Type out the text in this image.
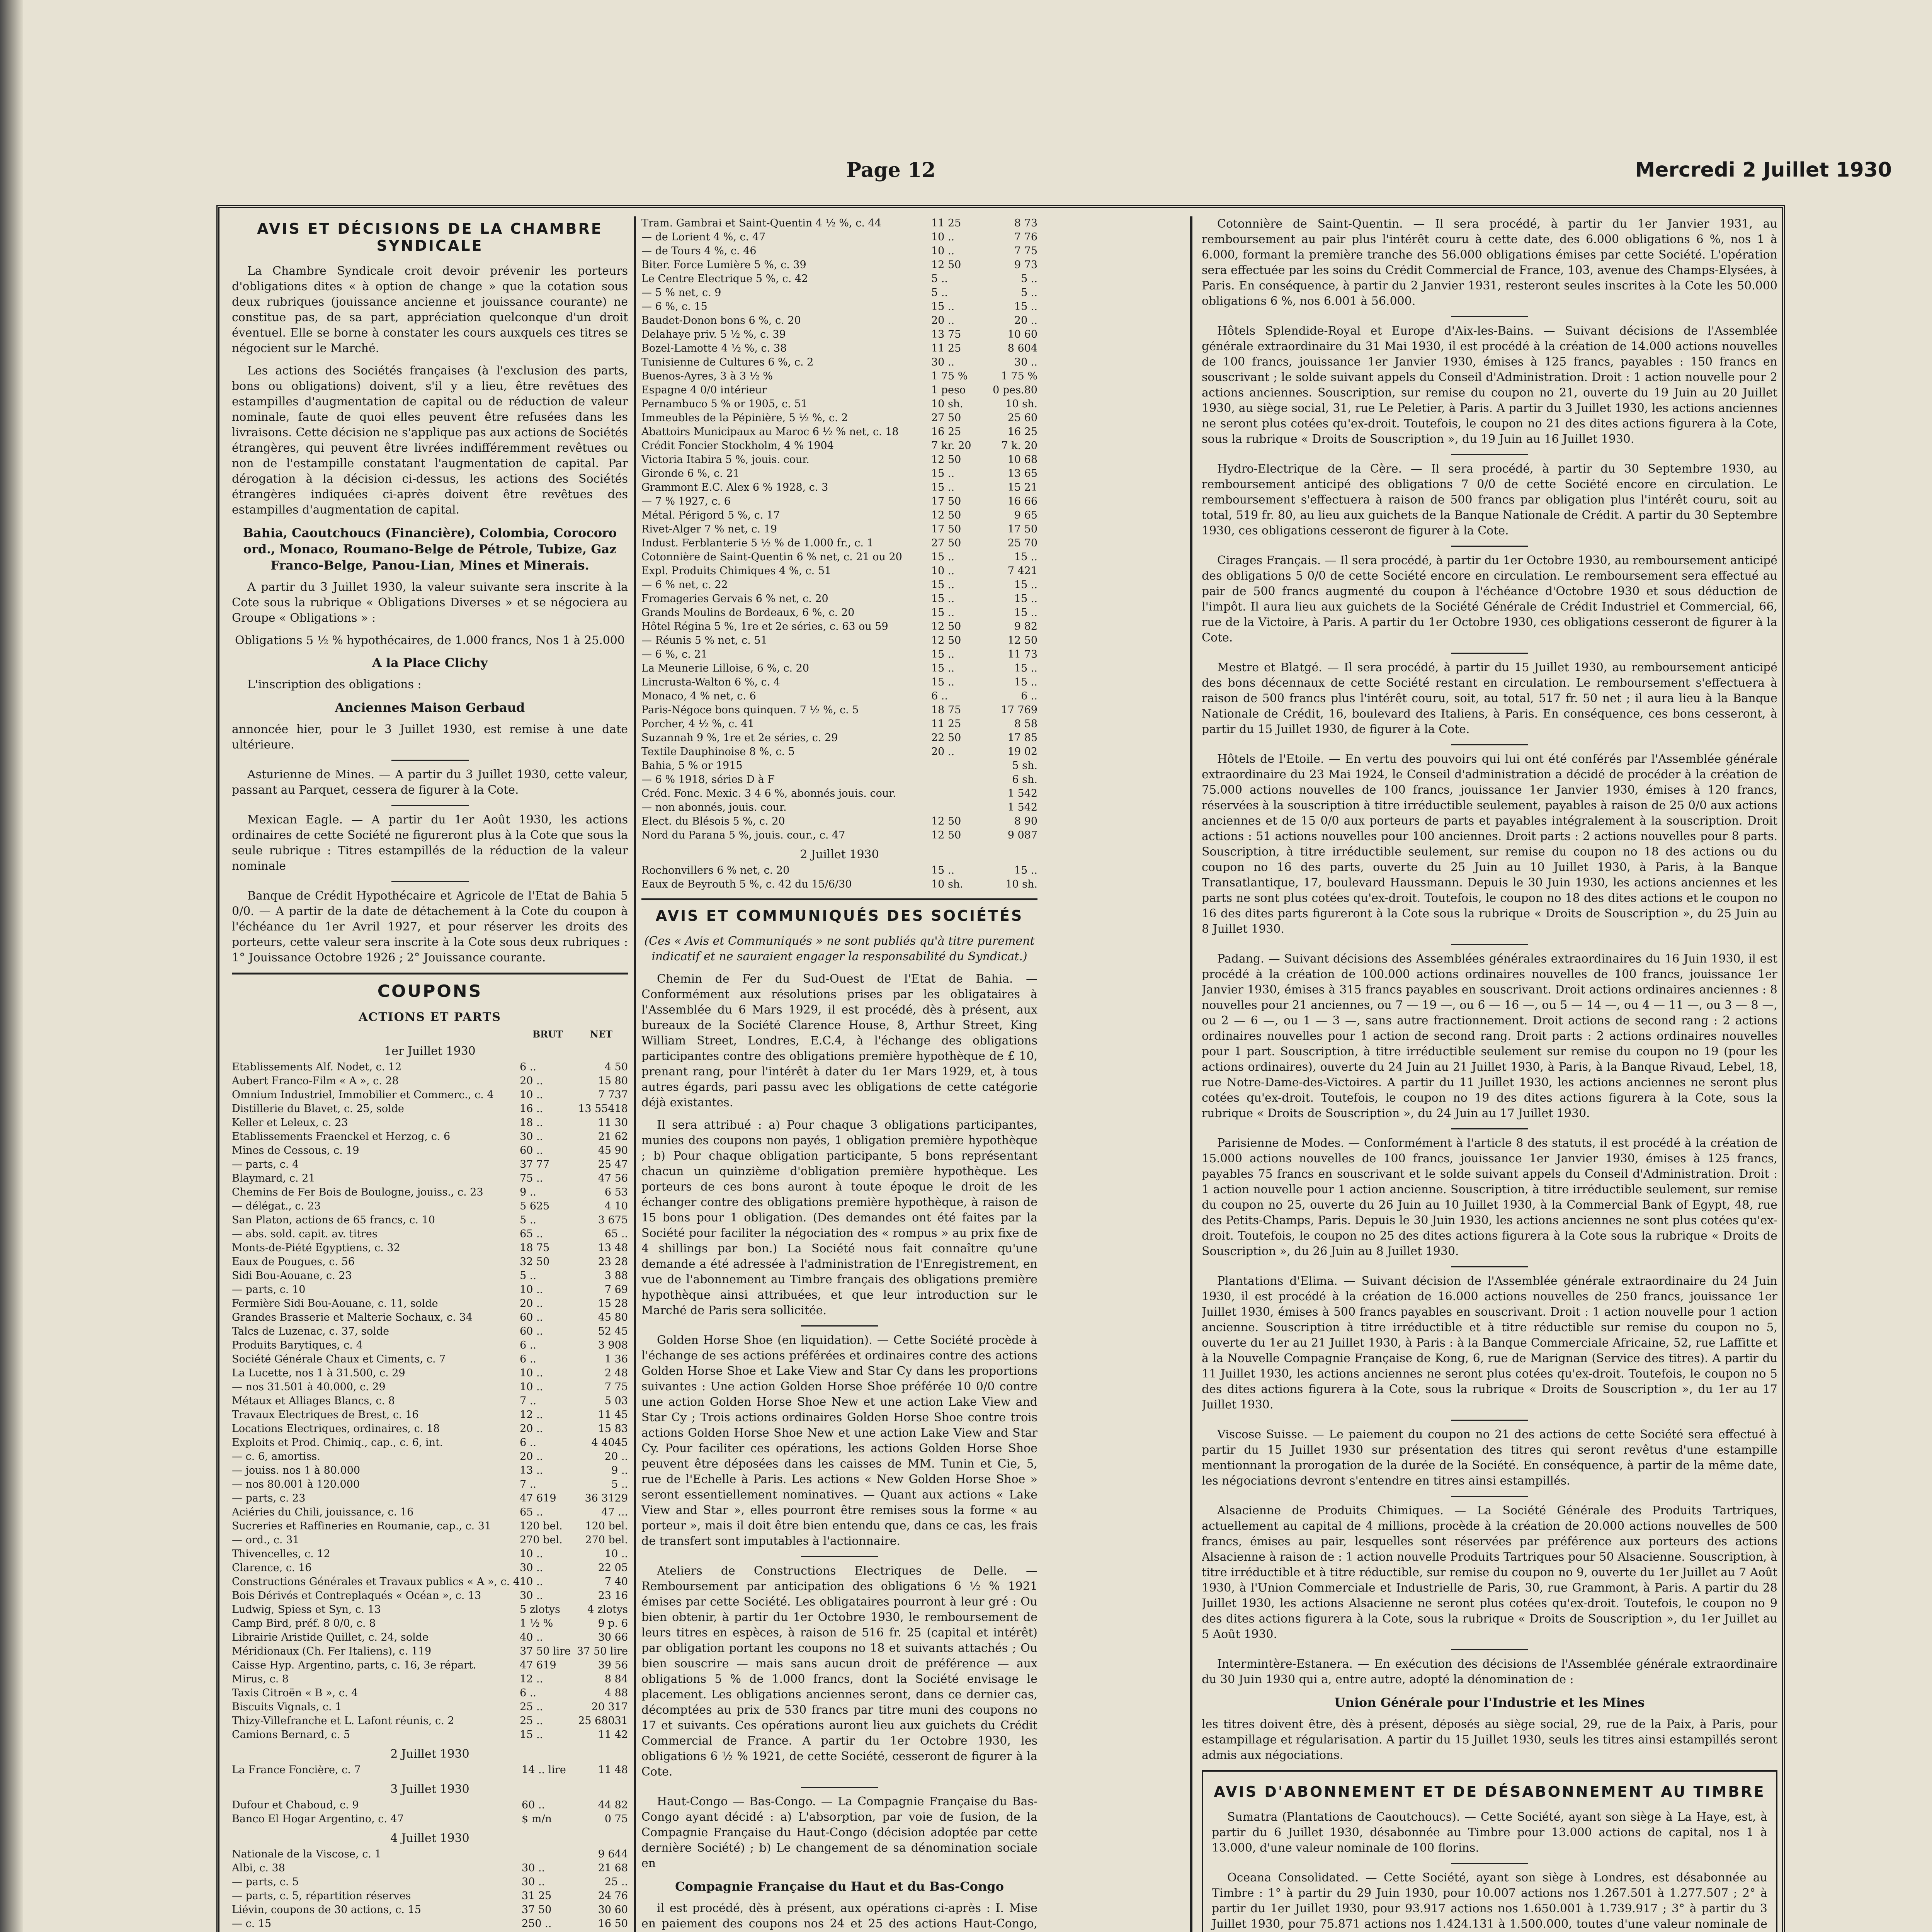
Page 12	Mercredi 2 Juillet 1930
AVIS ET DÉCISIONS DE LA CHAMBRE SYNDICALE

La Chambre Syndicale croit devoir prévenir les porteurs d'obligations dites « à option de change » que la cotation sous deux rubriques (jouissance ancienne et jouissance courante) ne constitue pas, de sa part, appréciation quelconque d'un droit éventuel. Elle se borne à constater les cours auxquels ces titres se négocient sur le Marché.

Les actions des Sociétés françaises (à l'exclusion des parts, bons ou obligations) doivent, s'il y a lieu, être revêtues des estampilles d'augmentation de capital ou de réduction de valeur nominale, faute de quoi elles peuvent être refusées dans les livraisons. Cette décision ne s'applique pas aux actions de Sociétés étrangères, qui peuvent être livrées indifféremment revêtues ou non de l'estampille constatant l'augmentation de capital. Par dérogation à la décision ci-dessus, les actions des Sociétés étrangères indiquées ci-après doivent être revêtues des estampilles d'augmentation de capital.

Bahia, Caoutchoucs (Financière), Colombia, Corocoro ord., Monaco, Roumano-Belge de Pétrole, Tubize, Gaz Franco-Belge, Panou-Lian, Mines et Minerais.

A partir du 3 Juillet 1930, la valeur suivante sera inscrite à la Cote sous la rubrique « Obligations Diverses » et se négociera au Groupe « Obligations » :

Obligations 5 ½ % hypothécaires, de 1.000 francs, Nos 1 à 25.000

A la Place Clichy

L'inscription des obligations :

Anciennes Maison Gerbaud

annoncée hier, pour le 3 Juillet 1930, est remise à une date ultérieure.

Asturienne de Mines. — A partir du 3 Juillet 1930, cette valeur, passant au Parquet, cessera de figurer à la Cote.

Mexican Eagle. — A partir du 1er Août 1930, les actions ordinaires de cette Société ne figureront plus à la Cote que sous la seule rubrique : Titres estampillés de la réduction de la valeur nominale

Banque de Crédit Hypothécaire et Agricole de l'Etat de Bahia 5 0/0. — A partir de la date de détachement à la Cote du coupon à l'échéance du 1er Avril 1927, et pour réserver les droits des porteurs, cette valeur sera inscrite à la Cote sous deux rubriques : 1° Jouissance Octobre 1926 ; 2° Jouissance courante.

COUPONS
ACTIONS ET PARTS
BRUT	NET
1er Juillet 1930
Etablissements Alf. Nodet, c. 12	6 ..	4 50
Aubert Franco-Film « A », c. 28	20 ..	15 80
Omnium Industriel, Immobilier et Commerc., c. 4	10 ..	7 737
Distillerie du Blavet, c. 25, solde	16 ..	13 55418
Keller et Leleux, c. 23	18 ..	11 30
Etablissements Fraenckel et Herzog, c. 6	30 ..	21 62
Mines de Cessous, c. 19	60 ..	45 90
— parts, c. 4	37 77	25 47
Blaymard, c. 21	75 ..	47 56
Chemins de Fer Bois de Boulogne, jouiss., c. 23	9 ..	6 53
— délégat., c. 23	5 625	4 10
San Platon, actions de 65 francs, c. 10	5 ..	3 675
— abs. sold. capit. av. titres	65 ..	65 ..
Monts-de-Piété Egyptiens, c. 32	18 75	13 48
Eaux de Pougues, c. 56	32 50	23 28
Sidi Bou-Aouane, c. 23	5 ..	3 88
— parts, c. 10	10 ..	7 69
Fermière Sidi Bou-Aouane, c. 11, solde	20 ..	15 28
Grandes Brasserie et Malterie Sochaux, c. 34	60 ..	45 80
Talcs de Luzenac, c. 37, solde	60 ..	52 45
Produits Barytiques, c. 4	6 ..	3 908
Société Générale Chaux et Ciments, c. 7	6 ..	1 36
La Lucette, nos 1 à 31.500, c. 29	10 ..	2 48
— nos 31.501 à 40.000, c. 29	10 ..	7 75
Métaux et Alliages Blancs, c. 8	7 ..	5 03
Travaux Electriques de Brest, c. 16	12 ..	11 45
Locations Electriques, ordinaires, c. 18	20 ..	15 83
Exploits et Prod. Chimiq., cap., c. 6, int.	6 ..	4 4045
— c. 6, amortiss.	20 ..	20 ..
— jouiss. nos 1 à 80.000	13 ..	9 ..
— nos 80.001 à 120.000	7 ..	5 ..
— parts, c. 23	47 619	36 3129
Aciéries du Chili, jouissance, c. 16	65 ..	47 ...
Sucreries et Raffineries en Roumanie, cap., c. 31	120 bel.	120 bel.
— ord., c. 31	270 bel.	270 bel.
Thivencelles, c. 12	10 ..	10 ..
Clarence, c. 16	30 ..	22 05
Constructions Générales et Travaux publics « A », c. 4	10 ..	7 40
Bois Dérivés et Contreplaqués « Océan », c. 13	30 ..	23 16
Ludwig, Spiess et Syn, c. 13	5 zlotys	4 zlotys
Camp Bird, préf. 8 0/0, c. 8	1 ½ %	9 p. 6
Librairie Aristide Quillet, c. 24, solde	40 ..	30 66
Méridionaux (Ch. Fer Italiens), c. 119	37 50 lire	37 50 lire
Caisse Hyp. Argentino, parts, c. 16, 3e répart.	47 619	39 56
Mirus, c. 8	12 ..	8 84
Taxis Citroën « B », c. 4	6 ..	4 88
Biscuits Vignals, c. 1	25 ..	20 317
Thizy-Villefranche et L. Lafont réunis, c. 2	25 ..	25 68031
Camions Bernard, c. 5	15 ..	11 42
2 Juillet 1930
La France Foncière, c. 7	14 .. lire	11 48
3 Juillet 1930
Dufour et Chaboud, c. 9	60 ..	44 82
Banco El Hogar Argentino, c. 47	$ m/n	0 75
4 Juillet 1930
Nationale de la Viscose, c. 1		9 644
Albi, c. 38	30 ..	21 68
— parts, c. 5	30 ..	25 ..
— parts, c. 5, répartition réserves	31 25	24 76
Liévin, coupons de 30 actions, c. 15	37 50	30 60
— c. 15	250 ..	16 50

Tram. Gambrai et Saint-Quentin 4 ½ %, c. 44	11 25	8 73
— de Lorient 4 %, c. 47	10 ..	7 76
— de Tours 4 %, c. 46	10 ..	7 75
Biter. Force Lumière 5 %, c. 39	12 50	9 73
Le Centre Electrique 5 %, c. 42	5 ..	5 ..
— 5 % net, c. 9	5 ..	5 ..
— 6 %, c. 15	15 ..	15 ..
Baudet-Donon bons 6 %, c. 20	20 ..	20 ..
Delahaye priv. 5 ½ %, c. 39	13 75	10 60
Bozel-Lamotte 4 ½ %, c. 38	11 25	8 604
Tunisienne de Cultures 6 %, c. 2	30 ..	30 ..
Buenos-Ayres, 3 à 3 ½ %	1 75 %	1 75 %
Espagne 4 0/0 intérieur	1 peso	0 pes.80
Pernambuco 5 % or 1905, c. 51	10 sh.	10 sh.
Immeubles de la Pépinière, 5 ½ %, c. 2	27 50	25 60
Abattoirs Municipaux au Maroc 6 ½ % net, c. 18	16 25	16 25
Crédit Foncier Stockholm, 4 % 1904	7 kr. 20	7 k. 20
Victoria Itabira 5 %, jouis. cour.	12 50	10 68
Gironde 6 %, c. 21	15 ..	13 65
Grammont E.C. Alex 6 % 1928, c. 3	15 ..	15 21
— 7 % 1927, c. 6	17 50	16 66
Métal. Périgord 5 %, c. 17	12 50	9 65
Rivet-Alger 7 % net, c. 19	17 50	17 50
Indust. Ferblanterie 5 ½ % de 1.000 fr., c. 1	27 50	25 70
Cotonnière de Saint-Quentin 6 % net, c. 21 ou 20	15 ..	15 ..
Expl. Produits Chimiques 4 %, c. 51	10 ..	7 421
— 6 % net, c. 22	15 ..	15 ..
Fromageries Gervais 6 % net, c. 20	15 ..	15 ..
Grands Moulins de Bordeaux, 6 %, c. 20	15 ..	15 ..
Hôtel Régina 5 %, 1re et 2e séries, c. 63 ou 59	12 50	9 82
— Réunis 5 % net, c. 51	12 50	12 50
— 6 %, c. 21	15 ..	11 73
La Meunerie Lilloise, 6 %, c. 20	15 ..	15 ..
Lincrusta-Walton 6 %, c. 4	15 ..	15 ..
Monaco, 4 % net, c. 6	6 ..	6 ..
Paris-Négoce bons quinquen. 7 ½ %, c. 5	18 75	17 769
Porcher, 4 ½ %, c. 41	11 25	8 58
Suzannah 9 %, 1re et 2e séries, c. 29	22 50	17 85
Textile Dauphinoise 8 %, c. 5	20 ..	19 02
Bahia, 5 % or 1915		5 sh.
— 6 % 1918, séries D à F		6 sh.
Créd. Fonc. Mexic. 3 4 6 %, abonnés jouis. cour.		1 542
— non abonnés, jouis. cour.		1 542
Elect. du Blésois 5 %, c. 20	12 50	8 90
Nord du Parana 5 %, jouis. cour., c. 47	12 50	9 087
2 Juillet 1930
Rochonvillers 6 % net, c. 20	15 ..	15 ..
Eaux de Beyrouth 5 %, c. 42 du 15/6/30	10 sh.	10 sh.
AVIS ET COMMUNIQUÉS DES SOCIÉTÉS

(Ces « Avis et Communiqués » ne sont publiés qu'à titre purement indicatif et ne sauraient engager la responsabilité du Syndicat.)

Chemin de Fer du Sud-Ouest de l'Etat de Bahia. — Conformément aux résolutions prises par les obligataires à l'Assemblée du 6 Mars 1929, il est procédé, dès à présent, aux bureaux de la Société Clarence House, 8, Arthur Street, King William Street, Londres, E.C.4, à l'échange des obligations participantes contre des obligations première hypothèque de £ 10, prenant rang, pour l'intérêt à dater du 1er Mars 1929, et, à tous autres égards, pari passu avec les obligations de cette catégorie déjà existantes.

Il sera attribué : a) Pour chaque 3 obligations participantes, munies des coupons non payés, 1 obligation première hypothèque ; b) Pour chaque obligation participante, 5 bons représentant chacun un quinzième d'obligation première hypothèque. Les porteurs de ces bons auront à toute époque le droit de les échanger contre des obligations première hypothèque, à raison de 15 bons pour 1 obligation. (Des demandes ont été faites par la Société pour faciliter la négociation des « rompus » au prix fixe de 4 shillings par bon.) La Société nous fait connaître qu'une demande a été adressée à l'administration de l'Enregistrement, en vue de l'abonnement au Timbre français des obligations première hypothèque ainsi attribuées, et que leur introduction sur le Marché de Paris sera sollicitée.

Golden Horse Shoe (en liquidation). — Cette Société procède à l'échange de ses actions préférées et ordinaires contre des actions Golden Horse Shoe et Lake View and Star Cy dans les proportions suivantes : Une action Golden Horse Shoe préférée 10 0/0 contre une action Golden Horse Shoe New et une action Lake View and Star Cy ; Trois actions ordinaires Golden Horse Shoe contre trois actions Golden Horse Shoe New et une action Lake View and Star Cy. Pour faciliter ces opérations, les actions Golden Horse Shoe peuvent être déposées dans les caisses de MM. Tunin et Cie, 5, rue de l'Echelle à Paris. Les actions « New Golden Horse Shoe » seront essentiellement nominatives. — Quant aux actions « Lake View and Star », elles pourront être remises sous la forme « au porteur », mais il doit être bien entendu que, dans ce cas, les frais de transfert sont imputables à l'actionnaire.

Ateliers de Constructions Electriques de Delle. — Remboursement par anticipation des obligations 6 ½ % 1921 émises par cette Société. Les obligataires pourront à leur gré : Ou bien obtenir, à partir du 1er Octobre 1930, le remboursement de leurs titres en espèces, à raison de 516 fr. 25 (capital et intérêt) par obligation portant les coupons no 18 et suivants attachés ; Ou bien souscrire — mais sans aucun droit de préférence — aux obligations 5 % de 1.000 francs, dont la Société envisage le placement. Les obligations anciennes seront, dans ce dernier cas, décomptées au prix de 530 francs par titre muni des coupons no 17 et suivants. Ces opérations auront lieu aux guichets du Crédit Commercial de France. A partir du 1er Octobre 1930, les obligations 6 ½ % 1921, de cette Société, cesseront de figurer à la Cote.

Haut-Congo — Bas-Congo. — La Compagnie Française du Bas-Congo ayant décidé : a) L'absorption, par voie de fusion, de la Compagnie Française du Haut-Congo (décision adoptée par cette dernière Société) ; b) Le changement de sa dénomination sociale en

Compagnie Française du Haut et du Bas-Congo

il est procédé, dès à présent, aux opérations ci-après : I. Mise en paiement des coupons nos 24 et 25 des actions Haut-Congo,

Cotonnière de Saint-Quentin. — Il sera procédé, à partir du 1er Janvier 1931, au remboursement au pair plus l'intérêt couru à cette date, des 6.000 obligations 6 %, nos 1 à 6.000, formant la première tranche des 56.000 obligations émises par cette Société. L'opération sera effectuée par les soins du Crédit Commercial de France, 103, avenue des Champs-Elysées, à Paris. En conséquence, à partir du 2 Janvier 1931, resteront seules inscrites à la Cote les 50.000 obligations 6 %, nos 6.001 à 56.000.

Hôtels Splendide-Royal et Europe d'Aix-les-Bains. — Suivant décisions de l'Assemblée générale extraordinaire du 31 Mai 1930, il est procédé à la création de 14.000 actions nouvelles de 100 francs, jouissance 1er Janvier 1930, émises à 125 francs, payables : 150 francs en souscrivant ; le solde suivant appels du Conseil d'Administration. Droit : 1 action nouvelle pour 2 actions anciennes. Souscription, sur remise du coupon no 21, ouverte du 19 Juin au 20 Juillet 1930, au siège social, 31, rue Le Peletier, à Paris. A partir du 3 Juillet 1930, les actions anciennes ne seront plus cotées qu'ex-droit. Toutefois, le coupon no 21 des dites actions figurera à la Cote, sous la rubrique « Droits de Souscription », du 19 Juin au 16 Juillet 1930.

Hydro-Electrique de la Cère. — Il sera procédé, à partir du 30 Septembre 1930, au remboursement anticipé des obligations 7 0/0 de cette Société encore en circulation. Le remboursement s'effectuera à raison de 500 francs par obligation plus l'intérêt couru, soit au total, 519 fr. 80, au lieu aux guichets de la Banque Nationale de Crédit. A partir du 30 Septembre 1930, ces obligations cesseront de figurer à la Cote.

Cirages Français. — Il sera procédé, à partir du 1er Octobre 1930, au remboursement anticipé des obligations 5 0/0 de cette Société encore en circulation. Le remboursement sera effectué au pair de 500 francs augmenté du coupon à l'échéance d'Octobre 1930 et sous déduction de l'impôt. Il aura lieu aux guichets de la Société Générale de Crédit Industriel et Commercial, 66, rue de la Victoire, à Paris. A partir du 1er Octobre 1930, ces obligations cesseront de figurer à la Cote.

Mestre et Blatgé. — Il sera procédé, à partir du 15 Juillet 1930, au remboursement anticipé des bons décennaux de cette Société restant en circulation. Le remboursement s'effectuera à raison de 500 francs plus l'intérêt couru, soit, au total, 517 fr. 50 net ; il aura lieu à la Banque Nationale de Crédit, 16, boulevard des Italiens, à Paris. En conséquence, ces bons cesseront, à partir du 15 Juillet 1930, de figurer à la Cote.

Hôtels de l'Etoile. — En vertu des pouvoirs qui lui ont été conférés par l'Assemblée générale extraordinaire du 23 Mai 1924, le Conseil d'administration a décidé de procéder à la création de 75.000 actions nouvelles de 100 francs, jouissance 1er Janvier 1930, émises à 120 francs, réservées à la souscription à titre irréductible seulement, payables à raison de 25 0/0 aux actions anciennes et de 15 0/0 aux porteurs de parts et payables intégralement à la souscription. Droit actions : 51 actions nouvelles pour 100 anciennes. Droit parts : 2 actions nouvelles pour 8 parts. Souscription, à titre irréductible seulement, sur remise du coupon no 18 des actions ou du coupon no 16 des parts, ouverte du 25 Juin au 10 Juillet 1930, à Paris, à la Banque Transatlantique, 17, boulevard Haussmann. Depuis le 30 Juin 1930, les actions anciennes et les parts ne sont plus cotées qu'ex-droit. Toutefois, le coupon no 18 des dites actions et le coupon no 16 des dites parts figureront à la Cote sous la rubrique « Droits de Souscription », du 25 Juin au 8 Juillet 1930.

Padang. — Suivant décisions des Assemblées générales extraordinaires du 16 Juin 1930, il est procédé à la création de 100.000 actions ordinaires nouvelles de 100 francs, jouissance 1er Janvier 1930, émises à 315 francs payables en souscrivant. Droit actions ordinaires anciennes : 8 nouvelles pour 21 anciennes, ou 7 — 19 —, ou 6 — 16 —, ou 5 — 14 —, ou 4 — 11 —, ou 3 — 8 —, ou 2 — 6 —, ou 1 — 3 —, sans autre fractionnement. Droit actions de second rang : 2 actions ordinaires nouvelles pour 1 action de second rang. Droit parts : 2 actions ordinaires nouvelles pour 1 part. Souscription, à titre irréductible seulement sur remise du coupon no 19 (pour les actions ordinaires), ouverte du 24 Juin au 21 Juillet 1930, à Paris, à la Banque Rivaud, Lebel, 18, rue Notre-Dame-des-Victoires. A partir du 11 Juillet 1930, les actions anciennes ne seront plus cotées qu'ex-droit. Toutefois, le coupon no 19 des dites actions figurera à la Cote, sous la rubrique « Droits de Souscription », du 24 Juin au 17 Juillet 1930.

Parisienne de Modes. — Conformément à l'article 8 des statuts, il est procédé à la création de 15.000 actions nouvelles de 100 francs, jouissance 1er Janvier 1930, émises à 125 francs, payables 75 francs en souscrivant et le solde suivant appels du Conseil d'Administration. Droit : 1 action nouvelle pour 1 action ancienne. Souscription, à titre irréductible seulement, sur remise du coupon no 25, ouverte du 26 Juin au 10 Juillet 1930, à la Commercial Bank of Egypt, 48, rue des Petits-Champs, Paris. Depuis le 30 Juin 1930, les actions anciennes ne sont plus cotées qu'ex-droit. Toutefois, le coupon no 25 des dites actions figurera à la Cote sous la rubrique « Droits de Souscription », du 26 Juin au 8 Juillet 1930.

Plantations d'Elima. — Suivant décision de l'Assemblée générale extraordinaire du 24 Juin 1930, il est procédé à la création de 16.000 actions nouvelles de 250 francs, jouissance 1er Juillet 1930, émises à 500 francs payables en souscrivant. Droit : 1 action nouvelle pour 1 action ancienne. Souscription à titre irréductible et à titre réductible sur remise du coupon no 5, ouverte du 1er au 21 Juillet 1930, à Paris : à la Banque Commerciale Africaine, 52, rue Laffitte et à la Nouvelle Compagnie Française de Kong, 6, rue de Marignan (Service des titres). A partir du 11 Juillet 1930, les actions anciennes ne seront plus cotées qu'ex-droit. Toutefois, le coupon no 5 des dites actions figurera à la Cote, sous la rubrique « Droits de Souscription », du 1er au 17 Juillet 1930.

Viscose Suisse. — Le paiement du coupon no 21 des actions de cette Société sera effectué à partir du 15 Juillet 1930 sur présentation des titres qui seront revêtus d'une estampille mentionnant la prorogation de la durée de la Société. En conséquence, à partir de la même date, les négociations devront s'entendre en titres ainsi estampillés.

Alsacienne de Produits Chimiques. — La Société Générale des Produits Tartriques, actuellement au capital de 4 millions, procède à la création de 20.000 actions nouvelles de 500 francs, émises au pair, lesquelles sont réservées par préférence aux porteurs des actions Alsacienne à raison de : 1 action nouvelle Produits Tartriques pour 50 Alsacienne. Souscription, à titre irréductible et à titre réductible, sur remise du coupon no 9, ouverte du 1er Juillet au 7 Août 1930, à l'Union Commerciale et Industrielle de Paris, 30, rue Grammont, à Paris. A partir du 28 Juillet 1930, les actions Alsacienne ne seront plus cotées qu'ex-droit. Toutefois, le coupon no 9 des dites actions figurera à la Cote, sous la rubrique « Droits de Souscription », du 1er Juillet au 5 Août 1930.

Intermintère-Estanera. — En exécution des décisions de l'Assemblée générale extraordinaire du 30 Juin 1930 qui a, entre autre, adopté la dénomination de :

Union Générale pour l'Industrie et les Mines

les titres doivent être, dès à présent, déposés au siège social, 29, rue de la Paix, à Paris, pour estampillage et régularisation. A partir du 15 Juillet 1930, seuls les titres ainsi estampillés seront admis aux négociations.

AVIS D'ABONNEMENT ET DE DÉSABONNEMENT AU TIMBRE

Sumatra (Plantations de Caoutchoucs). — Cette Société, ayant son siège à La Haye, est, à partir du 6 Juillet 1930, désabonnée au Timbre pour 13.000 actions de capital, nos 1 à 13.000, d'une valeur nominale de 100 florins.

Oceana Consolidated. — Cette Société, ayant son siège à Londres, est désabonnée au Timbre : 1° à partir du 29 Juin 1930, pour 10.007 actions nos 1.267.501 à 1.277.507 ; 2° à partir du 1er Juillet 1930, pour 93.917 actions nos 1.650.001 à 1.739.917 ; 3° à partir du 3 Juillet 1930, pour 75.871 actions nos 1.424.131 à 1.500.000, toutes d'une valeur nominale de
